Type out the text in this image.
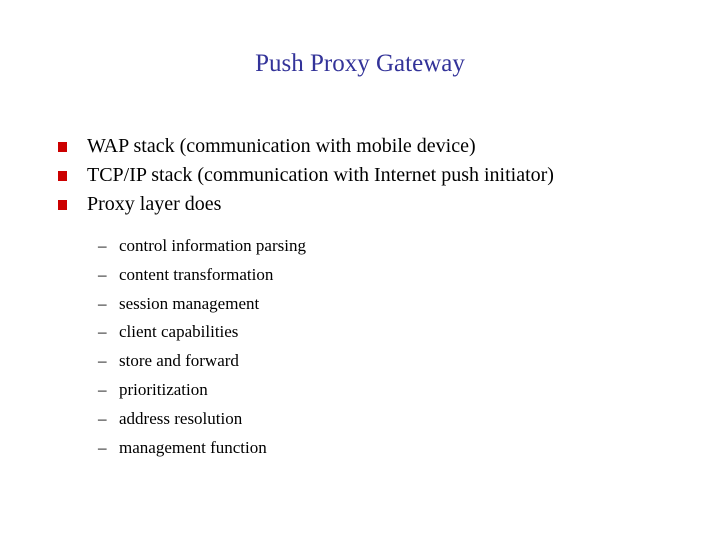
Push Proxy Gateway
WAP stack (communication with mobile device)
TCP/IP stack (communication with Internet push initiator)
Proxy layer does
– control information parsing
– content transformation
– session management
– client capabilities
– store and forward
– prioritization
– address resolution
– management function
